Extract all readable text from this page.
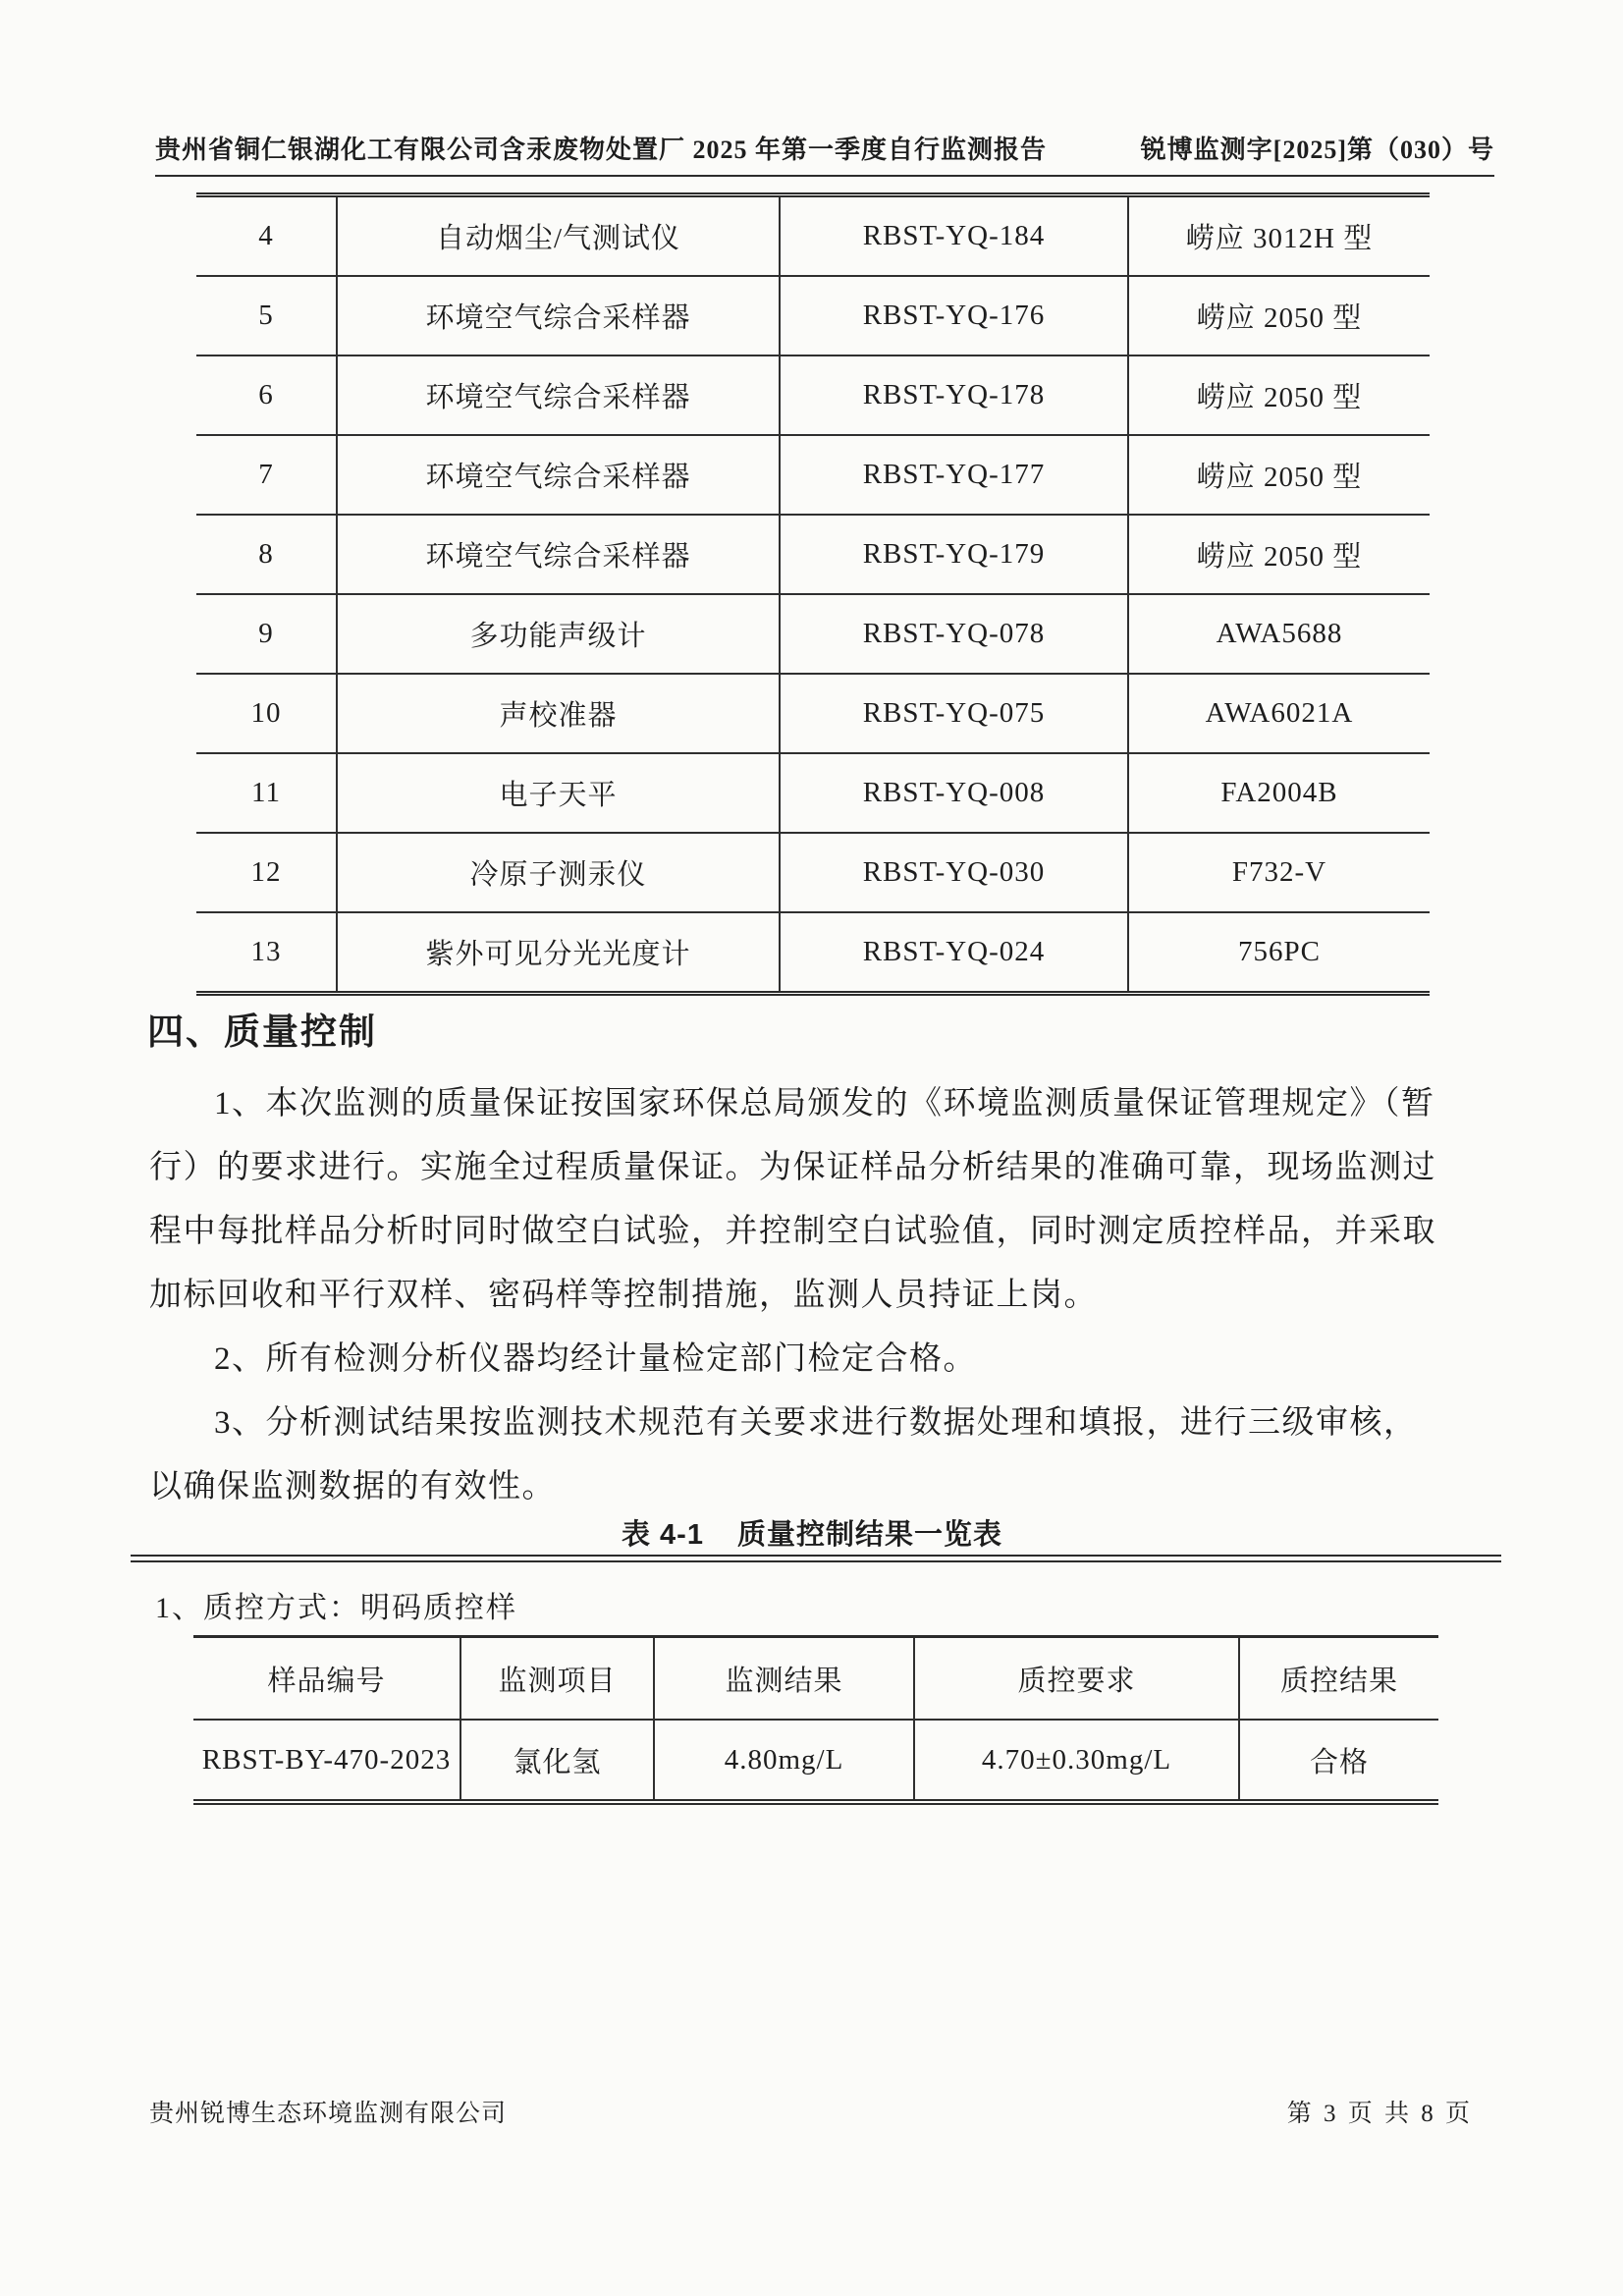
贵州省铜仁银湖化工有限公司含汞废物处置厂 2025 年第一季度自行监测报告	锐博监测字[2025]第（030）号
4	自动烟尘/气测试仪	RBST-YQ-184	崂应 3012H 型
5	环境空气综合采样器	RBST-YQ-176	崂应 2050 型
6	环境空气综合采样器	RBST-YQ-178	崂应 2050 型
7	环境空气综合采样器	RBST-YQ-177	崂应 2050 型
8	环境空气综合采样器	RBST-YQ-179	崂应 2050 型
9	多功能声级计	RBST-YQ-078	AWA5688
10	声校准器	RBST-YQ-075	AWA6021A
11	电子天平	RBST-YQ-008	FA2004B
12	冷原子测汞仪	RBST-YQ-030	F732-V
13	紫外可见分光光度计	RBST-YQ-024	756PC
四、质量控制
1、本次监测的质量保证按国家环保总局颁发的《环境监测质量保证管理规定》（暂
行）的要求进行。实施全过程质量保证。为保证样品分析结果的准确可靠，现场监测过
程中每批样品分析时同时做空白试验，并控制空白试验值，同时测定质控样品，并采取
加标回收和平行双样、密码样等控制措施，监测人员持证上岗。
2、所有检测分析仪器均经计量检定部门检定合格。
3、分析测试结果按监测技术规范有关要求进行数据处理和填报，进行三级审核，
以确保监测数据的有效性。
表 4-1 质量控制结果一览表
1、质控方式：明码质控样
样品编号	监测项目	监测结果	质控要求	质控结果
RBST-BY-470-2023	氯化氢	4.80mg/L	4.70±0.30mg/L	合格
贵州锐博生态环境监测有限公司	第 3 页 共 8 页
